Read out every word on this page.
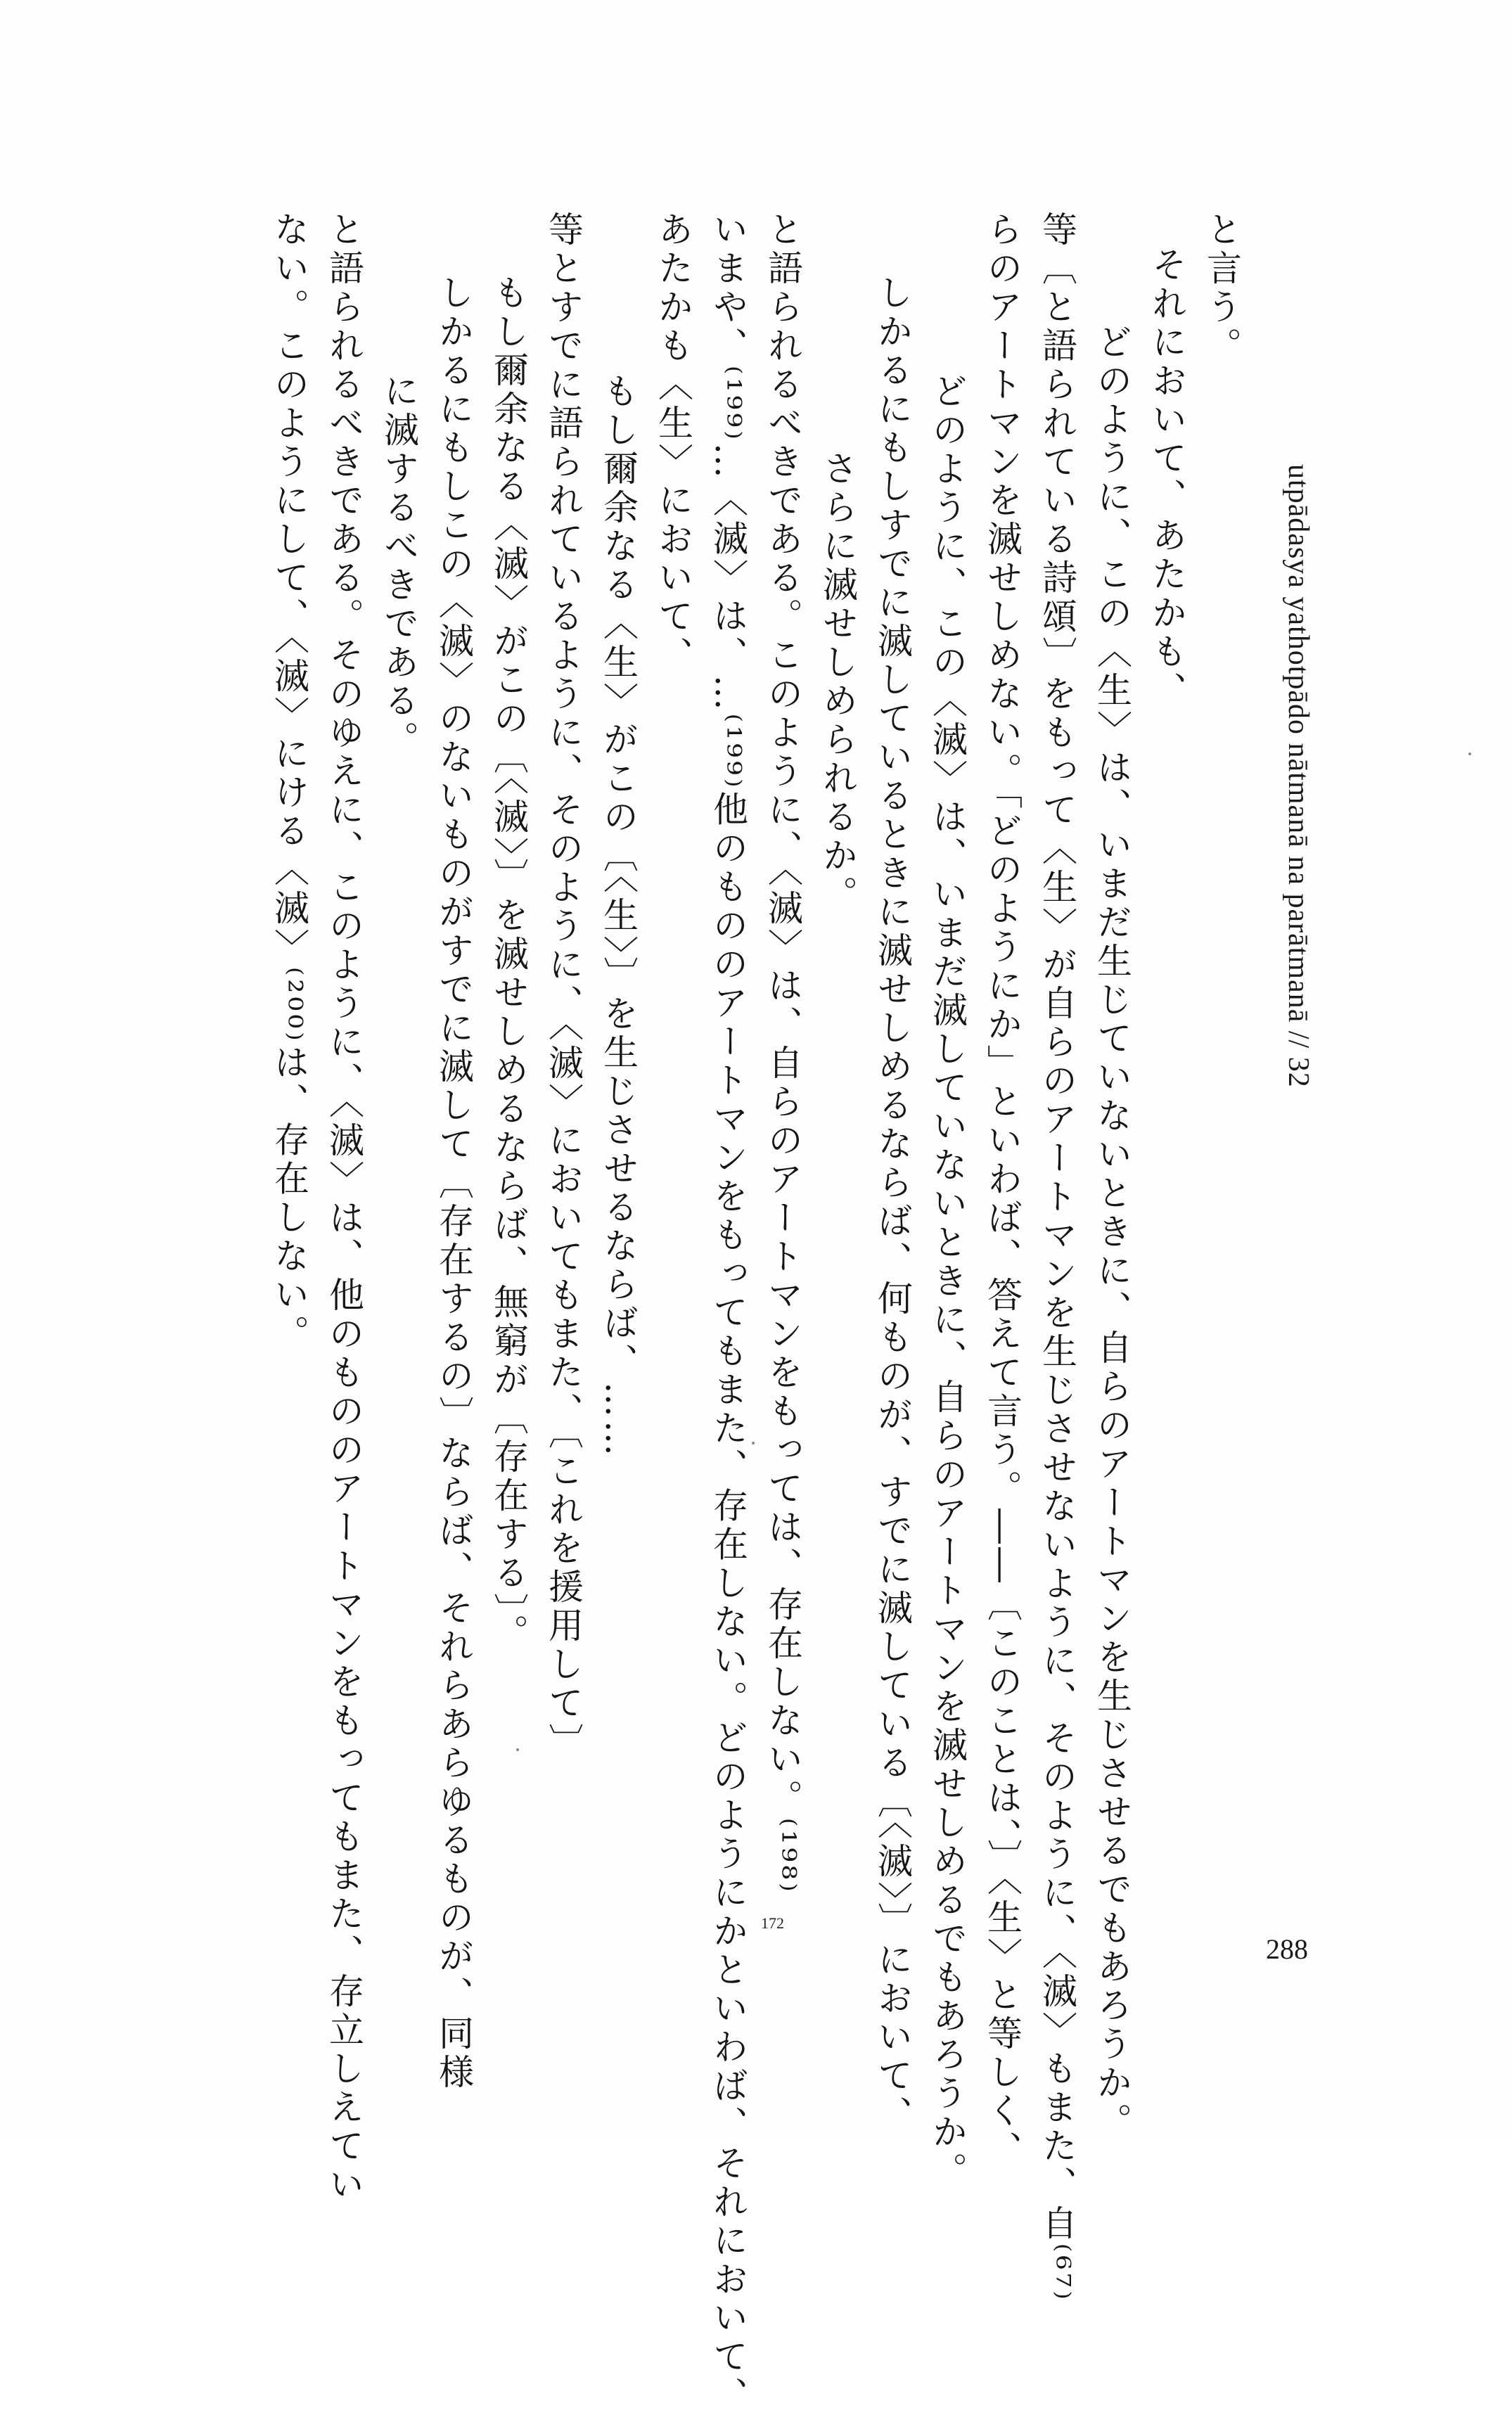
utpādasya yathotpādo nātmanā na parātmanā // 32
288
172
と言う。
それにおいて、あたかも、
どのように、この〈生〉は、いまだ生じていないときに、自らのアートマンを生じさせるでもあろうか。
等〔と語られている詩頌〕をもって〈生〉が自らのアートマンを生じさせないように、そのように、〈滅〉もまた、自⁽⁶⁷⁾
らのアートマンを滅せしめない。「どのようにか」といわば、答えて言う。――〔このことは、〕〈生〉と等しく、
どのように、この〈滅〉は、いまだ滅していないときに、自らのアートマンを滅せしめるでもあろうか。
しかるにもしすでに滅しているときに滅せしめるならば、何ものが、すでに滅している〔〈滅〉〕において、
さらに滅せしめられるか。
と語られるべきである。このように、〈滅〉は、自らのアートマンをもっては、存在しない。⁽¹⁹⁸⁾
いまや、⁽¹⁹⁹⁾…〈滅〉は、…⁽¹⁹⁹⁾他のもののアートマンをもってもまた、存在しない。どのようにかといわば、それにおいて、
あたかも〈生〉において、
もし爾余なる〈生〉がこの〔〈生〉〕を生じさせるならば、……
等とすでに語られているように、そのように、〈滅〉においてもまた、〔これを援用して〕
もし爾余なる〈滅〉がこの〔〈滅〉〕を滅せしめるならば、無窮が〔存在する〕。
しかるにもしこの〈滅〉のないものがすでに滅して〔存在するの〕ならば、それらあらゆるものが、同様
に滅するべきである。
と語られるべきである。そのゆえに、このように、〈滅〉は、他のもののアートマンをもってもまた、存立しえてい
ない。このようにして、〈滅〉にける〈滅〉⁽²⁰⁰⁾は、存在しない。
